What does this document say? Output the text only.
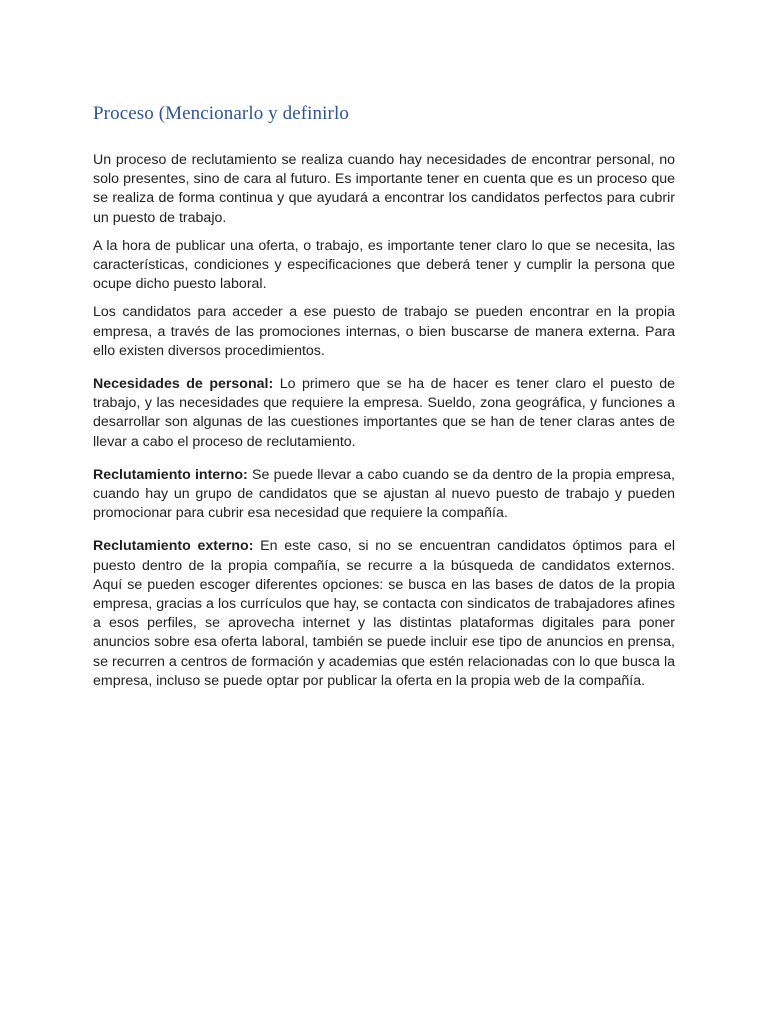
Proceso (Mencionarlo y definirlo

Un proceso de reclutamiento se realiza cuando hay necesidades de encontrar personal, no solo presentes, sino de cara al futuro. Es importante tener en cuenta que es un proceso que se realiza de forma continua y que ayudará a encontrar los candidatos perfectos para cubrir un puesto de trabajo.

A la hora de publicar una oferta, o trabajo, es importante tener claro lo que se necesita, las características, condiciones y especificaciones que deberá tener y cumplir la persona que ocupe dicho puesto laboral.

Los candidatos para acceder a ese puesto de trabajo se pueden encontrar en la propia empresa, a través de las promociones internas, o bien buscarse de manera externa. Para ello existen diversos procedimientos.

Necesidades de personal: Lo primero que se ha de hacer es tener claro el puesto de trabajo, y las necesidades que requiere la empresa. Sueldo, zona geográfica, y funciones a desarrollar son algunas de las cuestiones importantes que se han de tener claras antes de llevar a cabo el proceso de reclutamiento.

Reclutamiento interno: Se puede llevar a cabo cuando se da dentro de la propia empresa, cuando hay un grupo de candidatos que se ajustan al nuevo puesto de trabajo y pueden promocionar para cubrir esa necesidad que requiere la compañía.

Reclutamiento externo: En este caso, si no se encuentran candidatos óptimos para el puesto dentro de la propia compañía, se recurre a la búsqueda de candidatos externos. Aquí se pueden escoger diferentes opciones: se busca en las bases de datos de la propia empresa, gracias a los currículos que hay, se contacta con sindicatos de trabajadores afines a esos perfiles, se aprovecha internet y las distintas plataformas digitales para poner anuncios sobre esa oferta laboral, también se puede incluir ese tipo de anuncios en prensa, se recurren a centros de formación y academias que estén relacionadas con lo que busca la empresa, incluso se puede optar por publicar la oferta en la propia web de la compañía.
